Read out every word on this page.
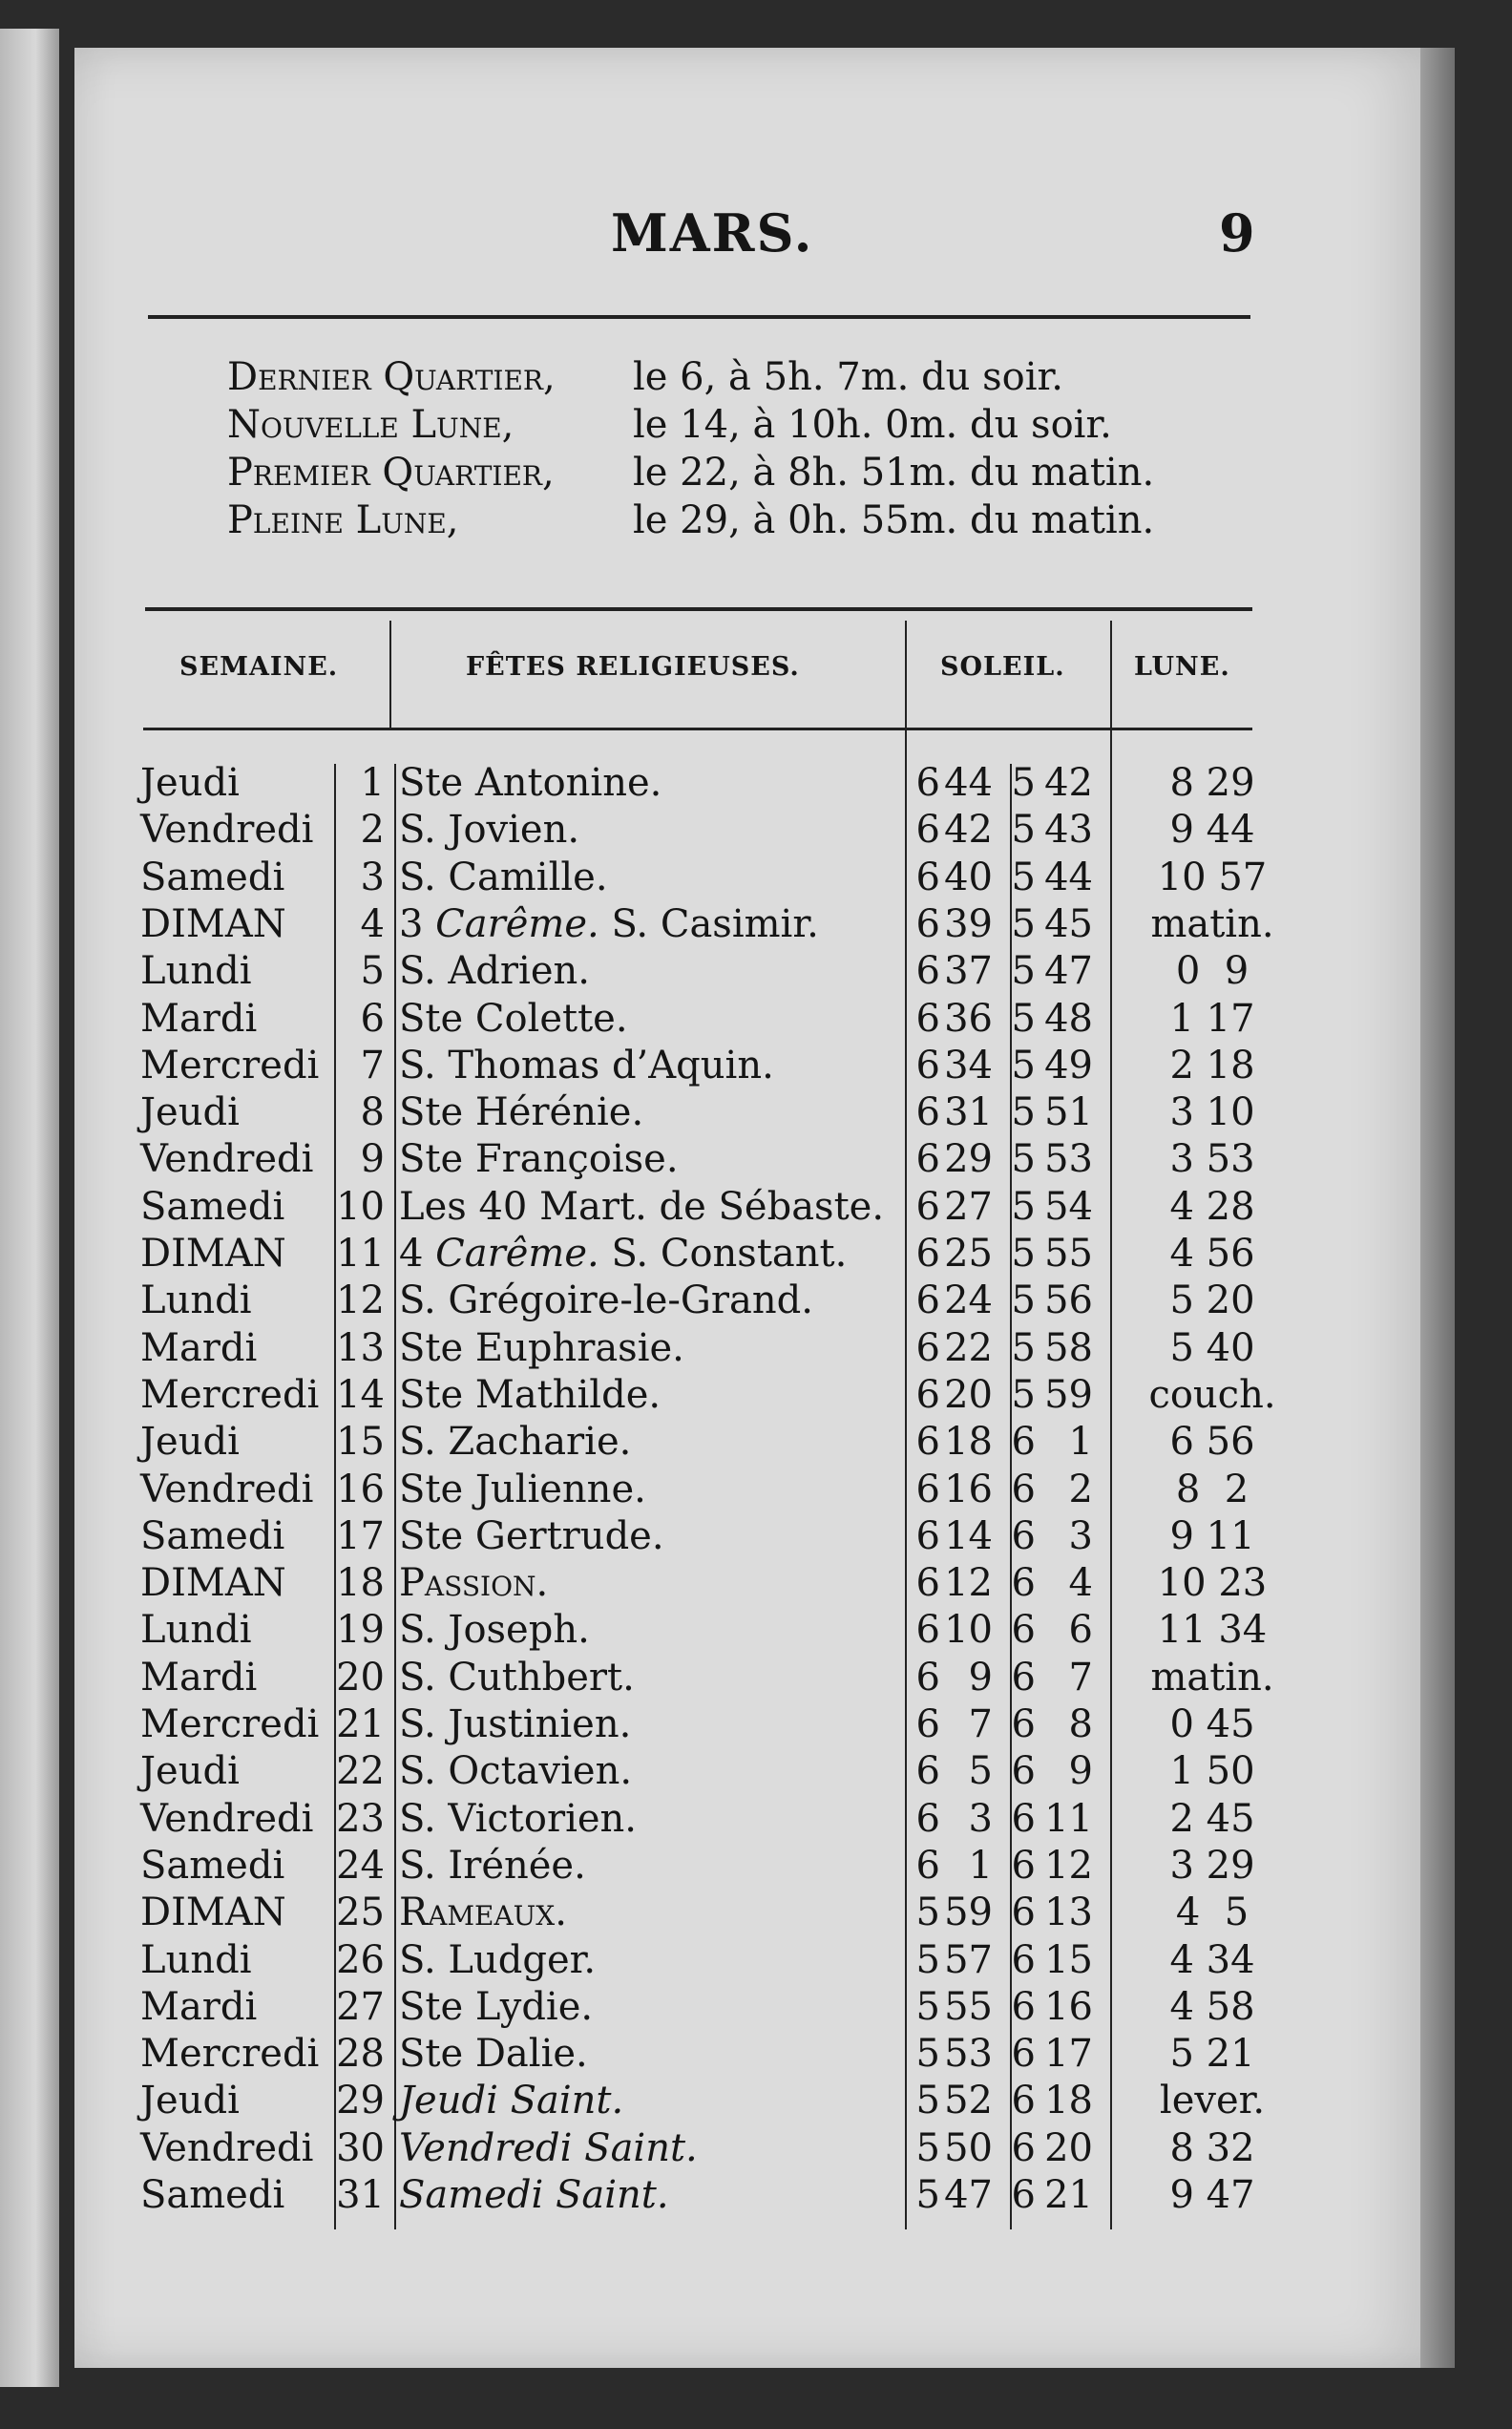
MARS.	9
Dernier Quartier,	le 6, à 5h. 7m. du soir.
Nouvelle Lune,	le 14, à 10h. 0m. du soir.
Premier Quartier,	le 22, à 8h. 51m. du matin.
Pleine Lune,	le 29, à 0h. 55m. du matin.
SEMAINE.	FÊTES RELIGIEUSES.	SOLEIL.	LUNE.
Jeudi	1 Ste Antonine.	6 44 5 42	8 29
Vendredi	2 S. Jovien.	6 42 5 43	9 44
Samedi	3 S. Camille.	6 40 5 44	10 57
DIMAN	4 3 Carême. S. Casimir.	6 39 5 45	matin.
Lundi	5 S. Adrien.	6 37 5 47	0  9
Mardi	6 Ste Colette.	6 36 5 48	1 17
Mercredi	7 S. Thomas d’Aquin.	6 34 5 49	2 18
Jeudi	8 Ste Hérénie.	6 31 5 51	3 10
Vendredi	9 Ste Françoise.	6 29 5 53	3 53
Samedi 10 Les 40 Mart. de Sébaste. 6 27 5 54	4 28
DIMAN 11 4 Carême. S. Constant. 6 25 5 55	4 56
Lundi 12 S. Grégoire-le-Grand.	6 24 5 56	5 20
Mardi 13 Ste Euphrasie.	6 22 5 58	5 40
Mercredi 14 Ste Mathilde.	6 20 5 59	couch.
Jeudi	15 S. Zacharie.	6 18 6 1	6 56
Vendredi 16 Ste Julienne.	6 16 6 2	8  2
Samedi 17 Ste Gertrude.	6 14 6 3	9 11
DIMAN 18 Passion.	6 12 6 4	10 23
Lundi 19 S. Joseph.	6 10 6 6	11 34
Mardi 20 S. Cuthbert.	6 9 6 7	matin.
Mercredi 21 S. Justinien.	6 7 6 8	0 45
Jeudi	22 S. Octavien.	6 5 6 9	1 50
Vendredi 23 S. Victorien.	6 3 6 11	2 45
Samedi 24 S. Irénée.	6 1 6 12	3 29
DIMAN 25 Rameaux.	5 59 6 13	4  5
Lundi 26 S. Ludger.	5 57 6 15	4 34
Mardi 27 Ste Lydie.	5 55 6 16	4 58
Mercredi 28 Ste Dalie.	5 53 6 17	5 21
Jeudi	29 Jeudi Saint.	5 52 6 18	lever.
Vendredi 30 Vendredi Saint.	5 50 6 20	8 32
Samedi 31 Samedi Saint.	5 47 6 21	9 47
